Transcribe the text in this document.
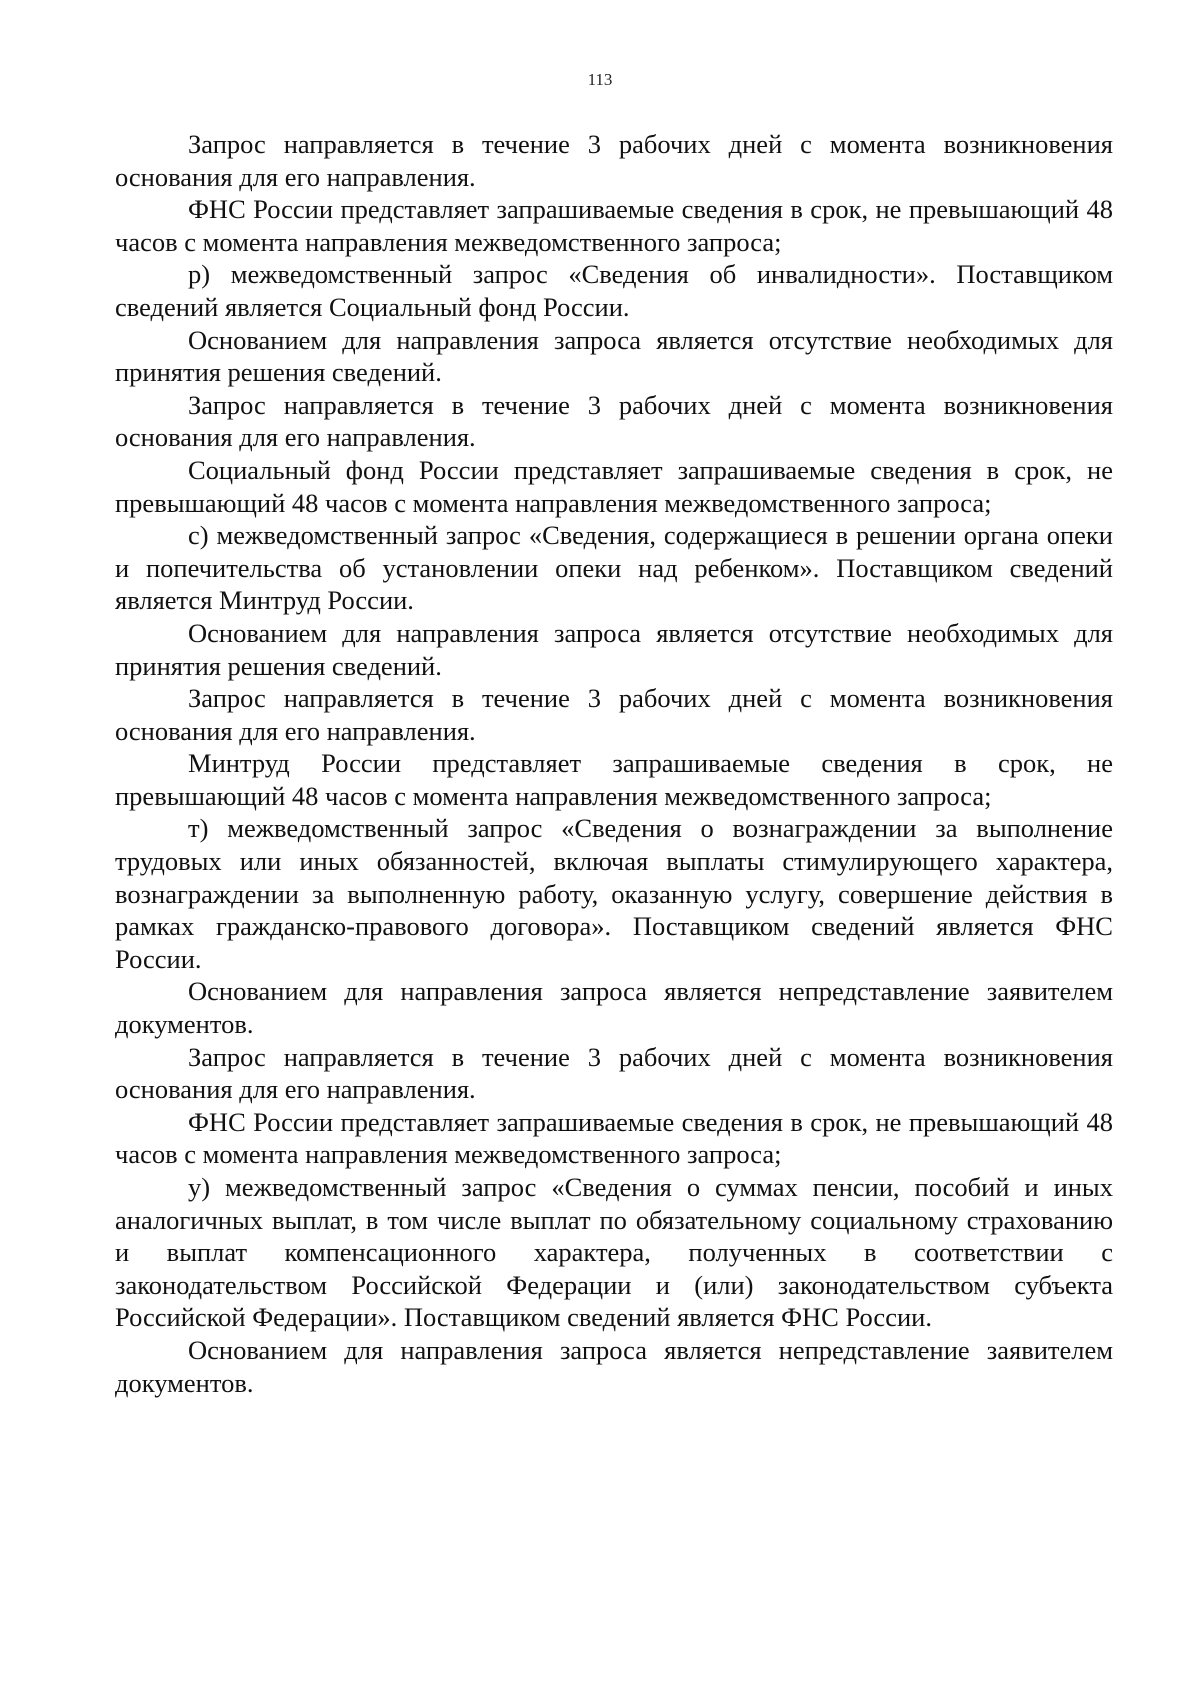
113

Запрос направляется в течение 3 рабочих дней с момента возникновения основания для его направления.

ФНС России представляет запрашиваемые сведения в срок, не превышающий 48 часов с момента направления межведомственного запроса;

р) межведомственный запрос «Сведения об инвалидности». Поставщиком сведений является Социальный фонд России.

Основанием для направления запроса является отсутствие необходимых для принятия решения сведений.

Запрос направляется в течение 3 рабочих дней с момента возникновения основания для его направления.

Социальный фонд России представляет запрашиваемые сведения в срок, не превышающий 48 часов с момента направления межведомственного запроса;

с) межведомственный запрос «Сведения, содержащиеся в решении органа опеки и попечительства об установлении опеки над ребенком». Поставщиком сведений является Минтруд России.

Основанием для направления запроса является отсутствие необходимых для принятия решения сведений.

Запрос направляется в течение 3 рабочих дней с момента возникновения основания для его направления.

Минтруд России представляет запрашиваемые сведения в срок, не превышающий 48 часов с момента направления межведомственного запроса;

т) межведомственный запрос «Сведения о вознаграждении за выполнение трудовых или иных обязанностей, включая выплаты стимулирующего характера, вознаграждении за выполненную работу, оказанную услугу, совершение действия в рамках гражданско-правового договора». Поставщиком сведений является ФНС России.

Основанием для направления запроса является непредставление заявителем документов.

Запрос направляется в течение 3 рабочих дней с момента возникновения основания для его направления.

ФНС России представляет запрашиваемые сведения в срок, не превышающий 48 часов с момента направления межведомственного запроса;

у) межведомственный запрос «Сведения о суммах пенсии, пособий и иных аналогичных выплат, в том числе выплат по обязательному социальному страхованию и выплат компенсационного характера, полученных в соответствии с законодательством Российской Федерации и (или) законодательством субъекта Российской Федерации». Поставщиком сведений является ФНС России.

Основанием для направления запроса является непредставление заявителем документов.
